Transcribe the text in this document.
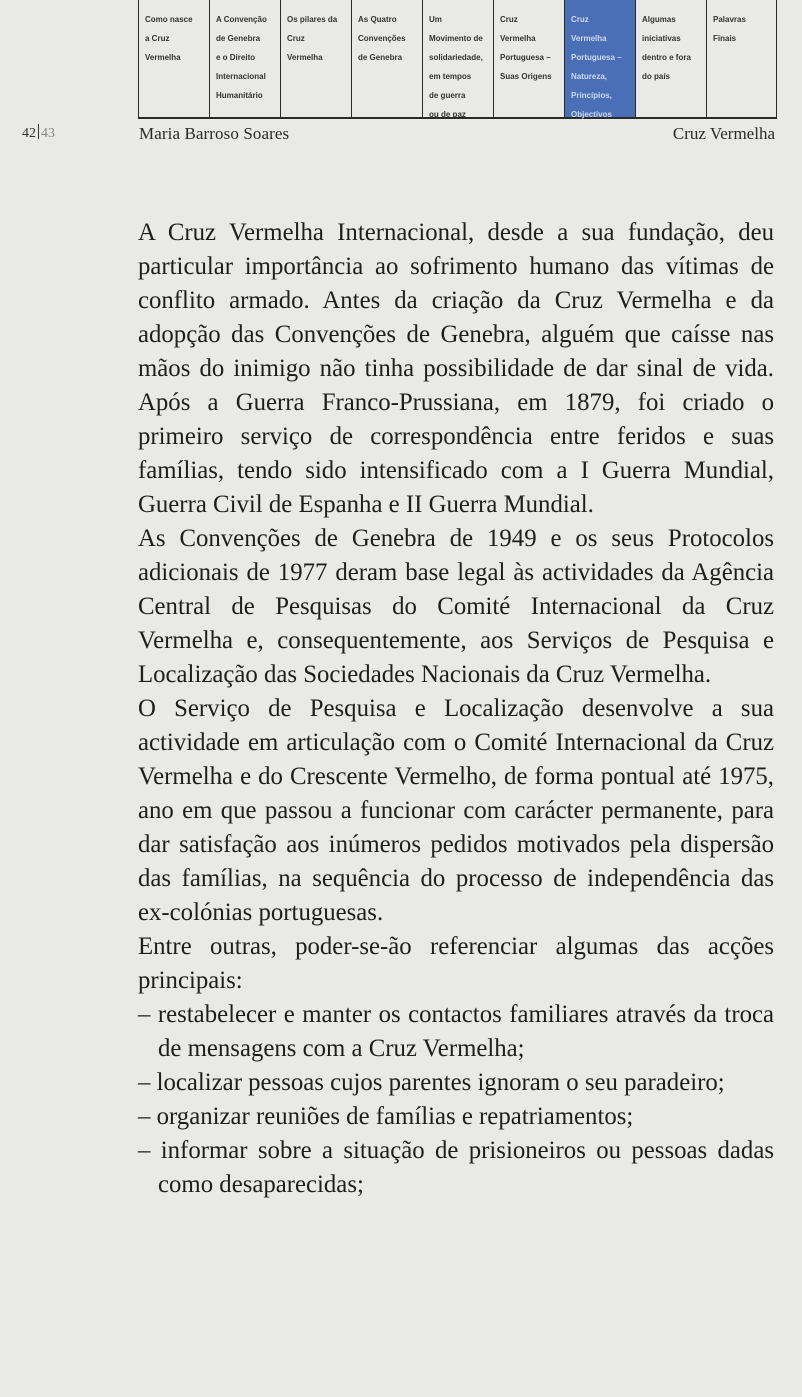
Como nasce
a Cruz
Vermelha
A Convenção
de Genebra
e o Direito
Internacional
Humanitário
Os pilares da
Cruz
Vermelha
As Quatro
Convenções
de Genebra
Um
Movimento de
solidariedade,
em tempos
de guerra
ou de paz
Cruz
Vermelha
Portuguesa –
Suas Origens
Cruz
Vermelha
Portuguesa –
Natureza,
Princípios,
Objectivos
Algumas
iniciativas
dentro e fora
do país
Palavras
Finais
42 43	Maria Barroso Soares	Cruz Vermelha

A Cruz Vermelha Internacional, desde a sua fundação, deu particular importância ao sofrimento humano das vítimas de conflito armado. Antes da criação da Cruz Vermelha e da adopção das Convenções de Genebra, alguém que caísse nas mãos do inimigo não tinha possibilidade de dar sinal de vida. Após a Guerra Franco-Prussiana, em 1879, foi criado o primeiro serviço de correspondência entre feridos e suas famílias, tendo sido intensificado com a I Guerra Mundial, Guerra Civil de Espanha e II Guerra Mundial.

As Convenções de Genebra de 1949 e os seus Protocolos adicionais de 1977 deram base legal às actividades da Agência Central de Pesquisas do Comité Internacional da Cruz Vermelha e, consequentemente, aos Serviços de Pesquisa e Localização das Sociedades Nacionais da Cruz Vermelha.

O Serviço de Pesquisa e Localização desenvolve a sua actividade em articulação com o Comité Internacional da Cruz Vermelha e do Crescente Vermelho, de forma pontual até 1975, ano em que passou a funcionar com carácter permanente, para dar satisfação aos inúmeros pedidos motivados pela dispersão das famílias, na sequência do processo de independência das ex-colónias portuguesas.

Entre outras, poder-se-ão referenciar algumas das acções principais:

– restabelecer e manter os contactos familiares através da troca de mensagens com a Cruz Vermelha;
– localizar pessoas cujos parentes ignoram o seu paradeiro;
– organizar reuniões de famílias e repatriamentos;
– informar sobre a situação de prisioneiros ou pessoas dadas como desaparecidas;
